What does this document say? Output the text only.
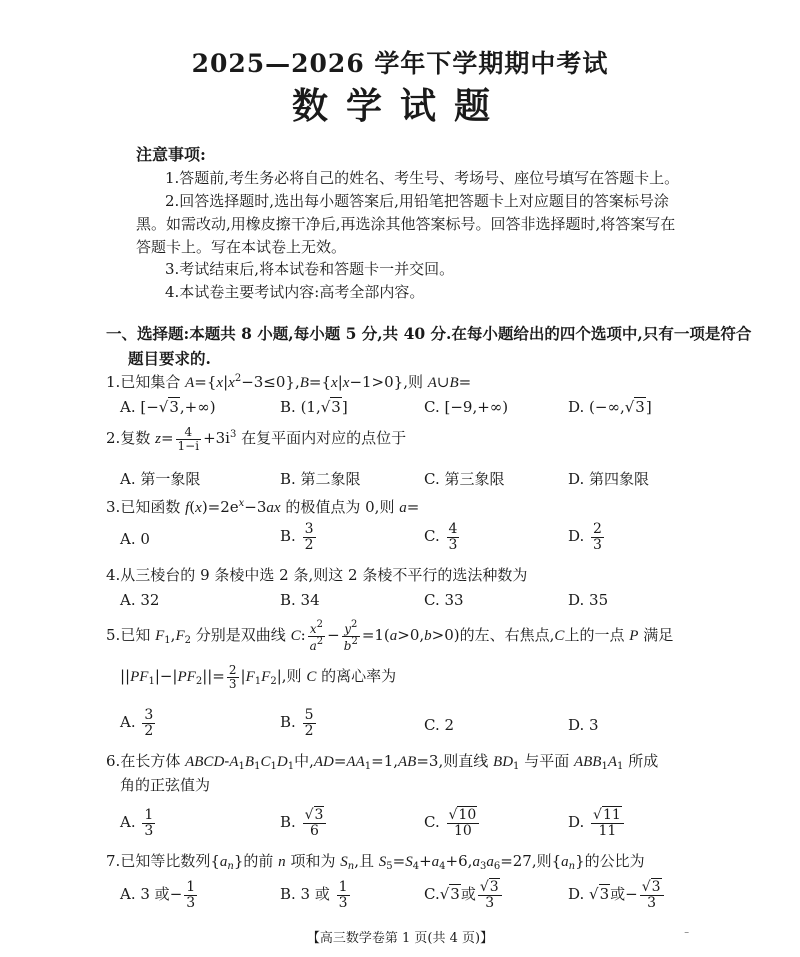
2025—2026 学年下学期期中考试
数学试题
注意事项:
1.答题前,考生务必将自己的姓名、考生号、考场号、座位号填写在答题卡上。
2.回答选择题时,选出每小题答案后,用铅笔把答题卡上对应题目的答案标号涂
黑。如需改动,用橡皮擦干净后,再选涂其他答案标号。回答非选择题时,将答案写在
答题卡上。写在本试卷上无效。
3.考试结束后,将本试卷和答题卡一并交回。
4.本试卷主要考试内容:高考全部内容。
一、选择题:本题共 8 小题,每小题 5 分,共 40 分.在每小题给出的四个选项中,只有一项是符合
题目要求的.
1.已知集合 $A=\{x|x^2-3\le 0\},B=\{x|x-1>0\}$,则 A∪B=
A. [−√3,+∞)	B. (1,√3]	C. [−9,+∞)	D. (−∞,√3]
2.复数 $z= \frac{4}{1-i} +3i^3$ 在复平面内对应的点位于
A. 第一象限	B. 第二象限	C. 第三象限	D. 第四象限
3.已知函数 $f(x)=2e^x-3ax$ 的极值点为 0,则 a=
A. 0	B. $\frac{3}{2}$	C. $\frac{4}{3}$	D. $\frac{2}{3}$
4.从三棱台的 9 条棱中选 2 条,则这 2 条棱不平行的选法种数为
A. 32	B. 34	C. 33	D. 35
5.已知 $F_1,F_2$ 分别是双曲线 C: $\frac{x^2}{a^2} - \frac{y^2}{b^2} =1(a>0,b>0)$的左、右焦点,C上的一点 P 满足
$||PF_1|-|PF_2||= \frac{2}{3} |F_1F_2|$,则 C 的离心率为
A. $\frac{3}{2}$	B. $\frac{5}{2}$	C. 2	D. 3
6.在长方体 ABCD-$A_1B_1C_1D_1$中$,AD=AA_1=1,AB=3$,则直线 $BD_1$ 与平面 $ABB_1A_1$ 所成
角的正弦值为
A. $\frac{1}{3}$	B. $\frac{√3}{6}$	C. $\frac{√10}{10}$	D. $\frac{√11}{11}$
7.已知等比数列$\{a_n\}$的前 n 项和为 $S_n$,且 $S_5=S_4+a_4+6,a_3a_6=27$,则$\{a_n\}$的公比为
A. 3 或− $\frac{1}{3}$	B. 3 或 $\frac{1}{3}$	C.√3或 $\frac{√3}{3}$	D. √3或− $\frac{√3}{3}$
【高三数学卷第 1 页(共 4 页)】	⁻
